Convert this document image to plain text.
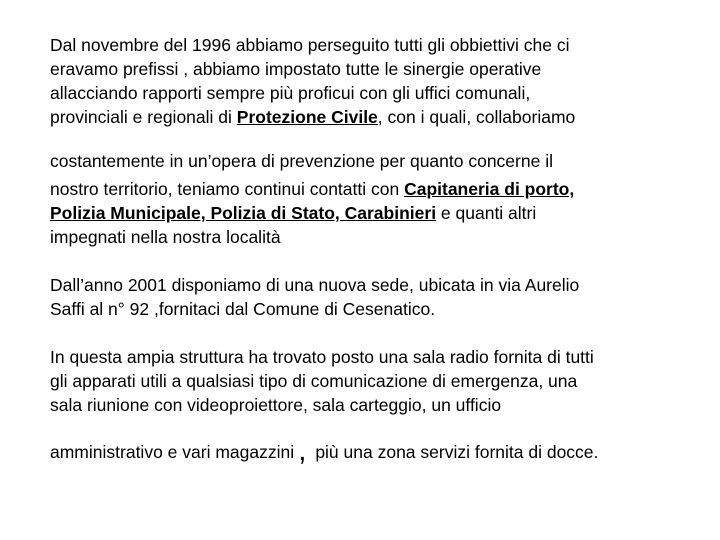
Dal novembre del 1996 abbiamo perseguito tutti gli obbiettivi che ci
eravamo prefissi , abbiamo impostato tutte le sinergie operative
allacciando rapporti sempre più proficui con gli uffici comunali,
provinciali e regionali di Protezione Civile, con i quali, collaboriamo
costantemente in un’opera di prevenzione per quanto concerne il
nostro territorio, teniamo continui contatti con Capitaneria di porto,
Polizia Municipale, Polizia di Stato, Carabinieri e quanti altri
impegnati nella nostra località
Dall’anno 2001 disponiamo di una nuova sede, ubicata in via Aurelio
Saffi al n° 92 ,fornitaci dal Comune di Cesenatico.
In questa ampia struttura ha trovato posto una sala radio fornita di tutti
gli apparati utili a qualsiasi tipo di comunicazione di emergenza, una
sala riunione con videoproiettore, sala carteggio, un ufficio
amministrativo e vari magazzini , più una zona servizi fornita di docce.
